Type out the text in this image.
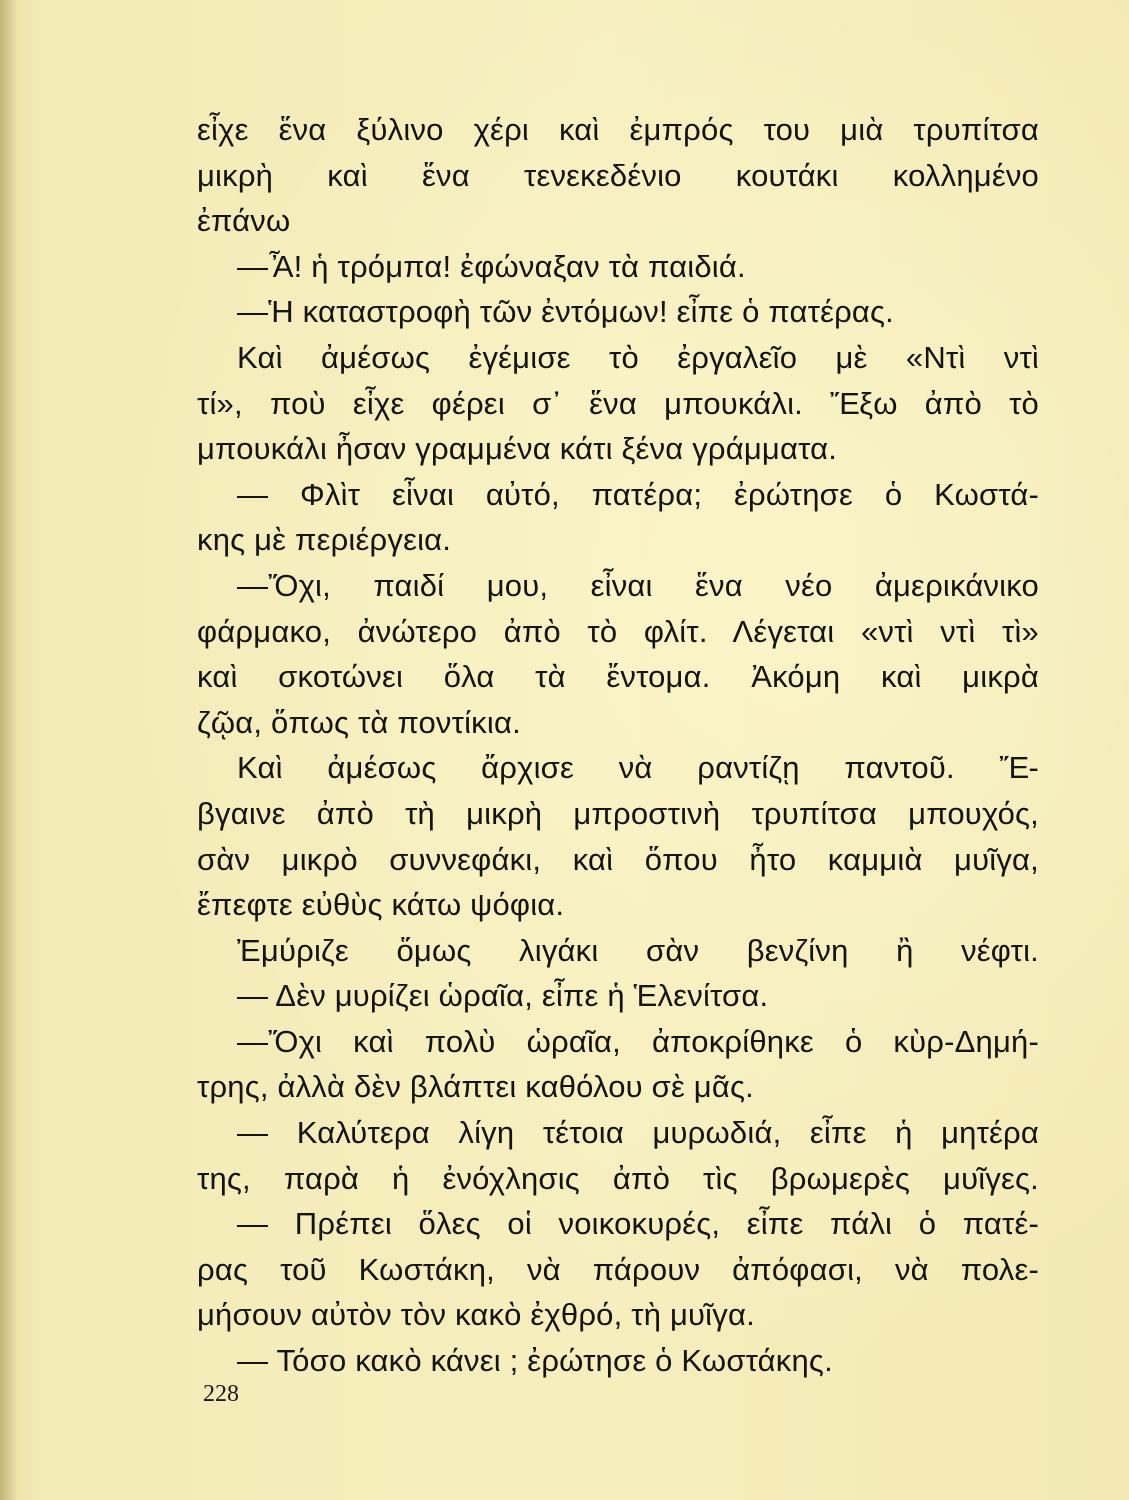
εἶχε ἕνα ξύλινο χέρι καὶ ἐμπρός του μιὰ τρυπίτσα
μικρὴ καὶ ἕνα τενεκεδένιο κουτάκι κολλημένο
ἐπάνω
—Ἆ! ἡ τρόμπα! ἐφώναξαν τὰ παιδιά.
—Ἡ καταστροφὴ τῶν ἐντόμων! εἶπε ὁ πατέρας.
Καὶ ἀμέσως ἐγέμισε τὸ ἐργαλεῖο μὲ «Ντὶ ντὶ
τί», ποὺ εἶχε φέρει σ᾿ ἕνα μπουκάλι. Ἔξω ἀπὸ τὸ
μπουκάλι ἦσαν γραμμένα κάτι ξένα γράμματα.
— Φλὶτ εἶναι αὐτό, πατέρα; ἐρώτησε ὁ Κωστά-
κης μὲ περιέργεια.
—Ὄχι, παιδί μου, εἶναι ἕνα νέο ἀμερικάνικο
φάρμακο, ἀνώτερο ἀπὸ τὸ φλίτ. Λέγεται «ντὶ ντὶ τὶ»
καὶ σκοτώνει ὅλα τὰ ἔντομα. Ἀκόμη καὶ μικρὰ
ζῷα, ὅπως τὰ ποντίκια.
Καὶ ἀμέσως ἄρχισε νὰ ραντίζῃ παντοῦ. Ἔ-
βγαινε ἀπὸ τὴ μικρὴ μπροστινὴ τρυπίτσα μπουχός,
σὰν μικρὸ συννεφάκι, καὶ ὅπου ἦτο καμμιὰ μυῖγα,
ἔπεφτε εὐθὺς κάτω ψόφια.
Ἐμύριζε ὅμως λιγάκι σὰν βενζίνη ἢ νέφτι.
— Δὲν μυρίζει ὡραῖα, εἶπε ἡ Ἑλενίτσα.
—Ὄχι καὶ πολὺ ὡραῖα, ἀποκρίθηκε ὁ κὺρ-Δημή-
τρης, ἀλλὰ δὲν βλάπτει καθόλου σὲ μᾶς.
— Καλύτερα λίγη τέτοια μυρωδιά, εἶπε ἡ μητέρα
της, παρὰ ἡ ἐνόχλησις ἀπὸ τὶς βρωμερὲς μυῖγες.
— Πρέπει ὅλες οἱ νοικοκυρές, εἶπε πάλι ὁ πατέ-
ρας τοῦ Κωστάκη, νὰ πάρουν ἀπόφασι, νὰ πολε-
μήσουν αὐτὸν τὸν κακὸ ἐχθρό, τὴ μυῖγα.
— Τόσο κακὸ κάνει ; ἐρώτησε ὁ Κωστάκης.
228
